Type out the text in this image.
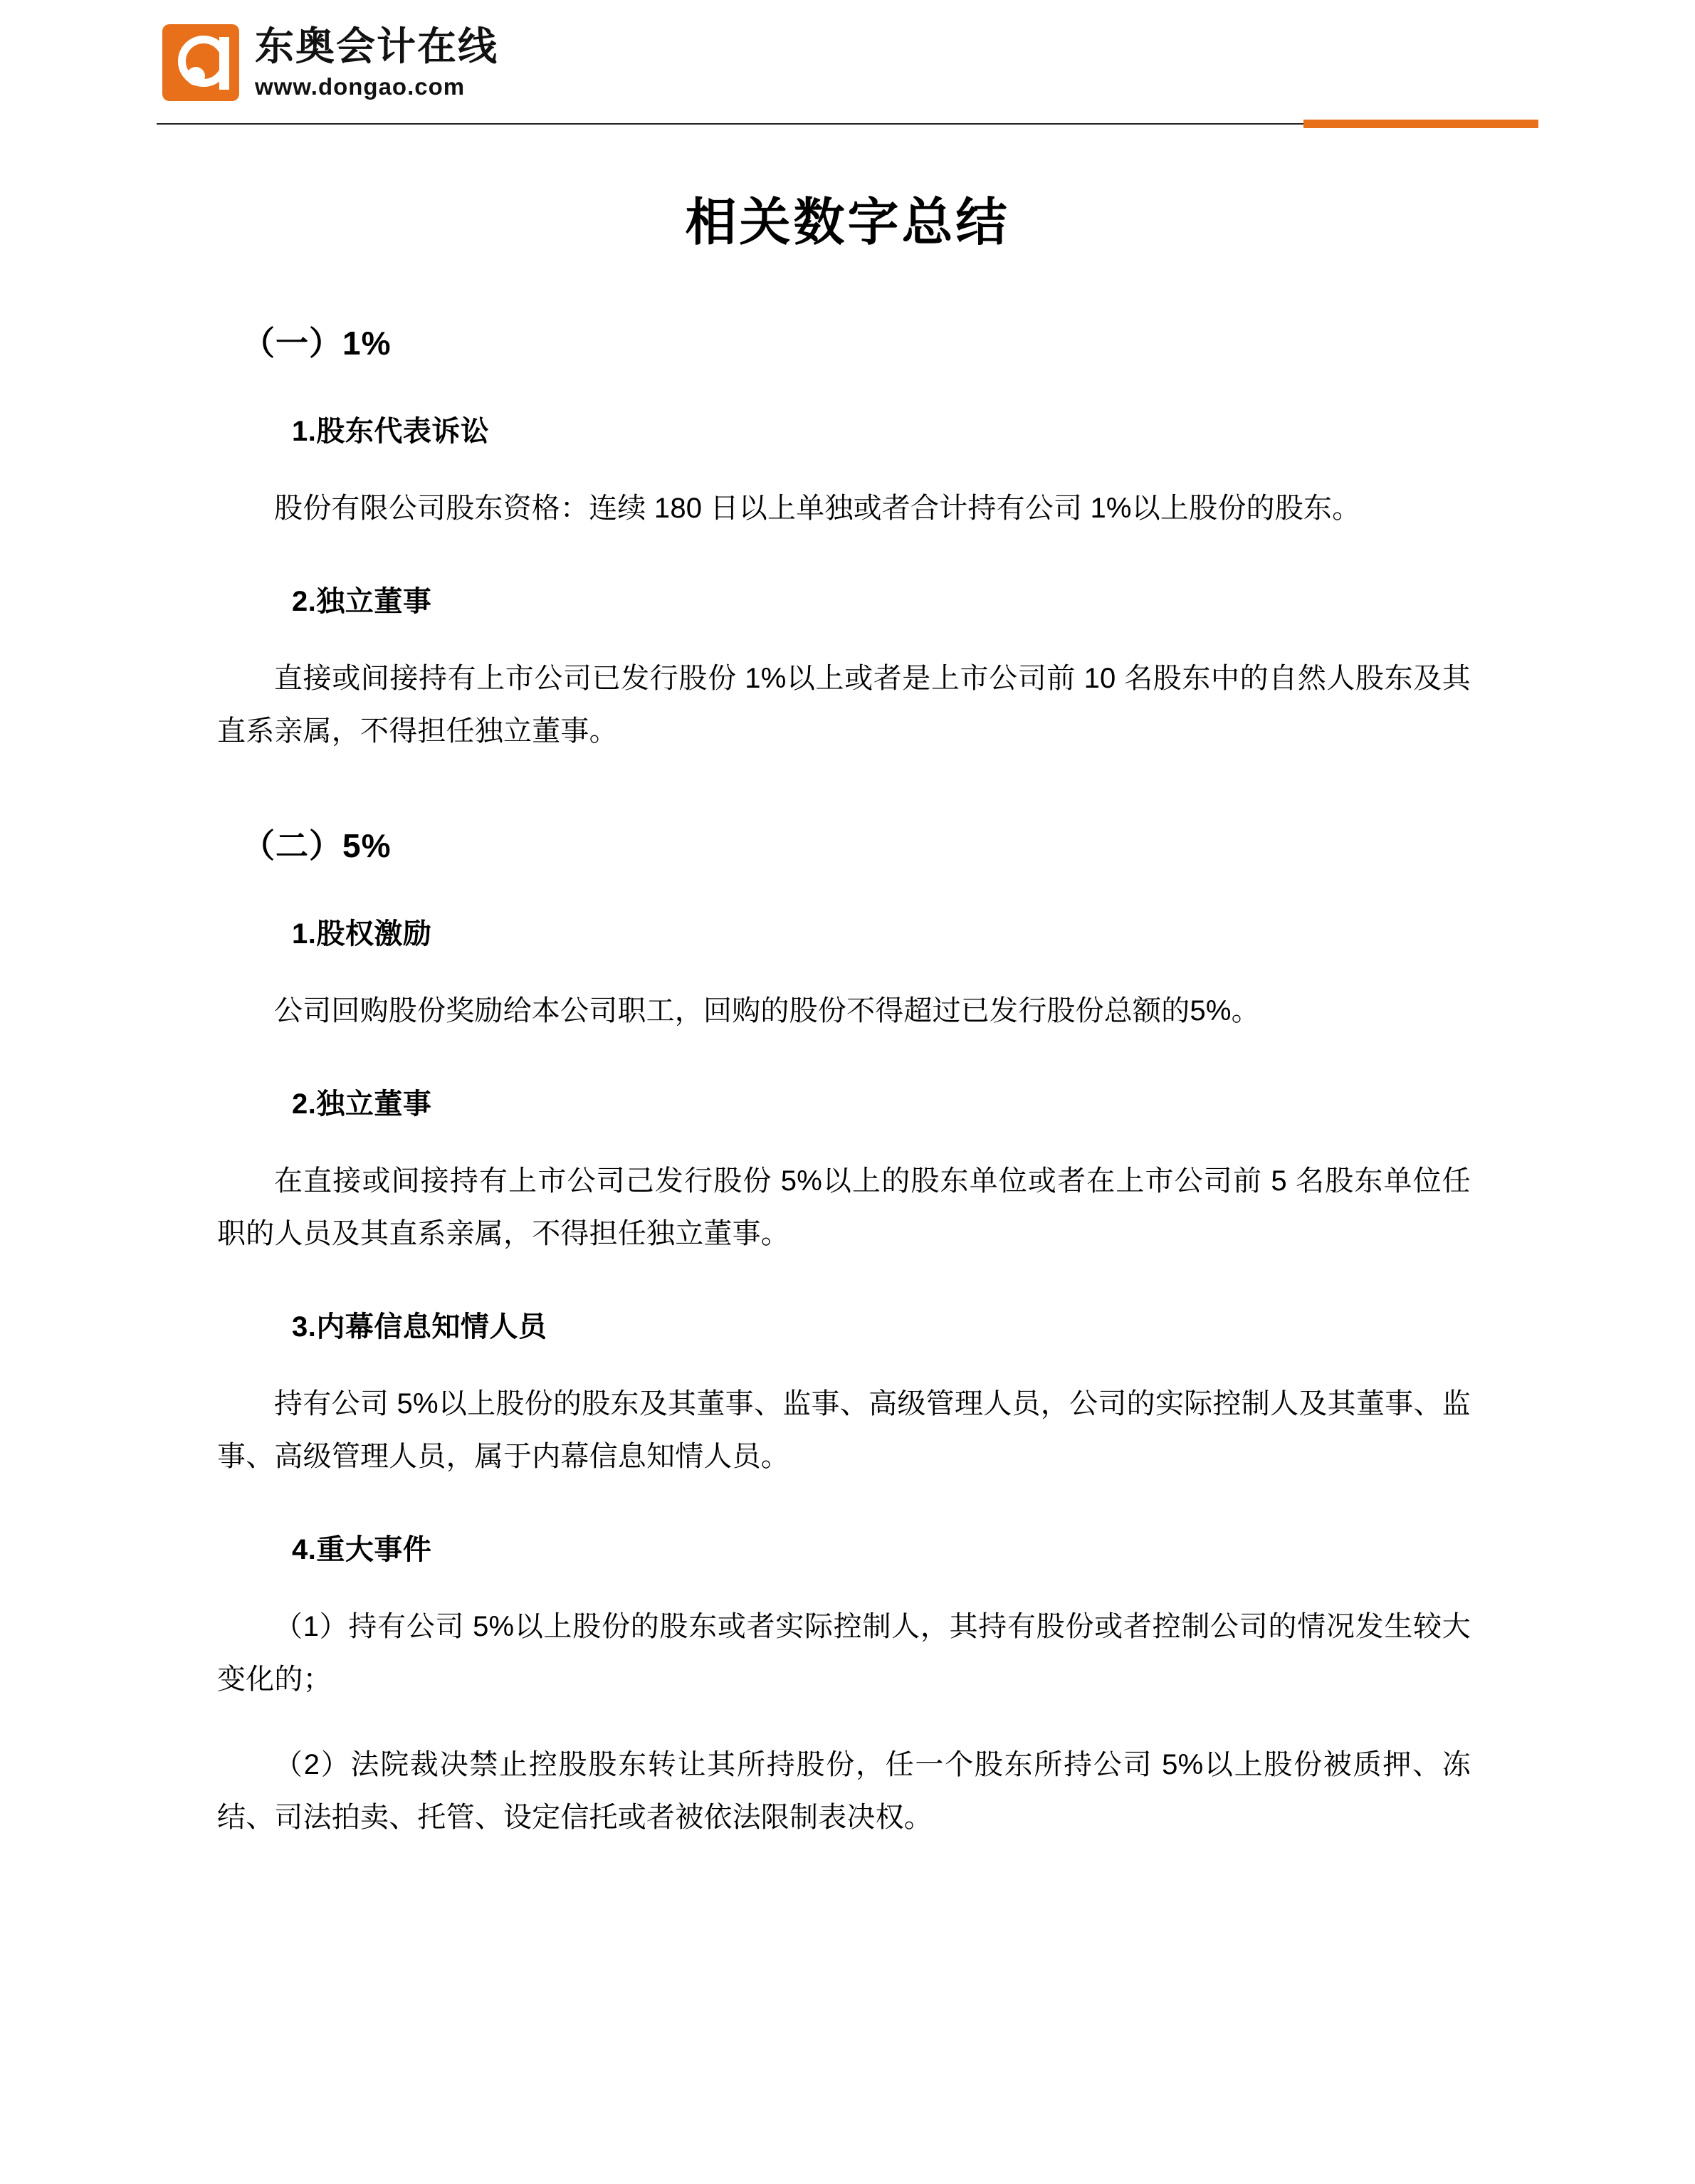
东奥会计在线
www.dongao.com
相关数字总结
（一）1%
1.股东代表诉讼

股份有限公司股东资格：连续 180 日以上单独或者合计持有公司 1%以上股份的股东。

2.独立董事

直接或间接持有上市公司已发行股份 1%以上或者是上市公司前 10 名股东中的自然人股东及其直系亲属，不得担任独立董事。

（二）5%
1.股权激励

公司回购股份奖励给本公司职工，回购的股份不得超过已发行股份总额的5%。

2.独立董事

在直接或间接持有上市公司己发行股份 5%以上的股东单位或者在上市公司前 5 名股东单位任职的人员及其直系亲属，不得担任独立董事。

3.内幕信息知情人员

持有公司 5%以上股份的股东及其董事、监事、高级管理人员，公司的实际控制人及其董事、监事、高级管理人员，属于内幕信息知情人员。

4.重大事件

（1）持有公司 5%以上股份的股东或者实际控制人，其持有股份或者控制公司的情况发生较大变化的；

（2）法院裁决禁止控股股东转让其所持股份，任一个股东所持公司 5%以上股份被质押、冻结、司法拍卖、托管、设定信托或者被依法限制表决权。
